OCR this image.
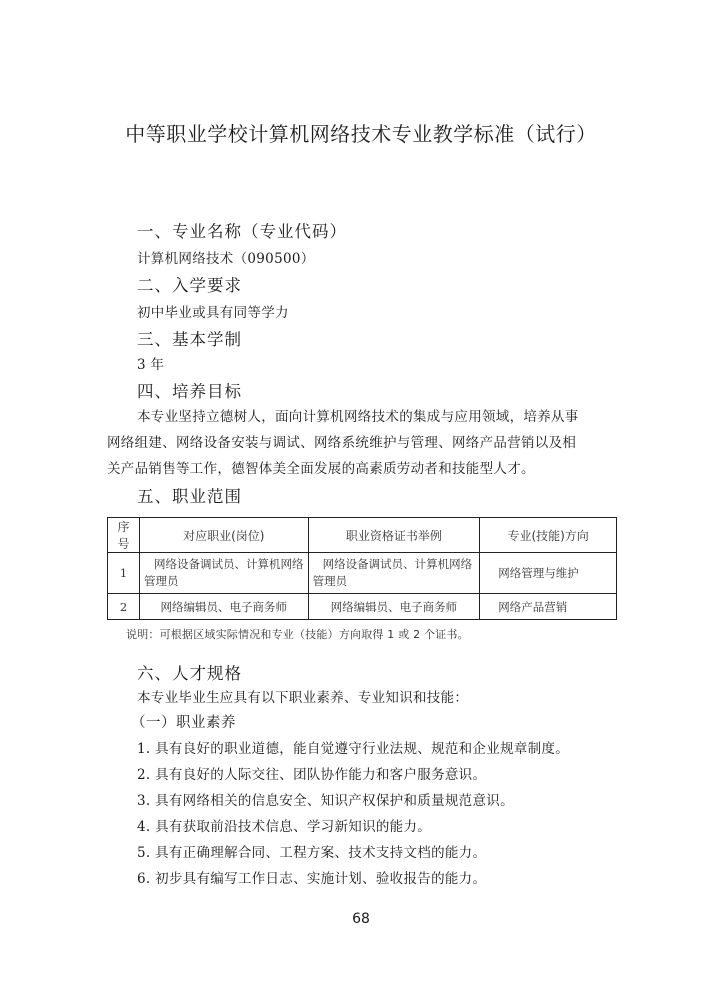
中等职业学校计算机网络技术专业教学标准（试行）
一、专业名称（专业代码）
计算机网络技术（090500）
二、入学要求
初中毕业或具有同等学力
三、基本学制
3 年
四、培养目标
本专业坚持立德树人，面向计算机网络技术的集成与应用领域，培养从事
网络组建、网络设备安装与调试、网络系统维护与管理、网络产品营销以及相
关产品销售等工作，德智体美全面发展的高素质劳动者和技能型人才。
五、职业范围
序号	对应职业(岗位)	职业资格证书举例	专业(技能)方向
1	网络设备调试员、计算机网络管理员	网络设备调试员、计算机网络管理员	网络管理与维护
2	网络编辑员、电子商务师	网络编辑员、电子商务师	网络产品营销
说明：可根据区域实际情况和专业（技能）方向取得 1 或 2 个证书。
六、人才规格
本专业毕业生应具有以下职业素养、专业知识和技能：
（一）职业素养
1. 具有良好的职业道德，能自觉遵守行业法规、规范和企业规章制度。
2. 具有良好的人际交往、团队协作能力和客户服务意识。
3. 具有网络相关的信息安全、知识产权保护和质量规范意识。
4. 具有获取前沿技术信息、学习新知识的能力。
5. 具有正确理解合同、工程方案、技术支持文档的能力。
6. 初步具有编写工作日志、实施计划、验收报告的能力。
68
